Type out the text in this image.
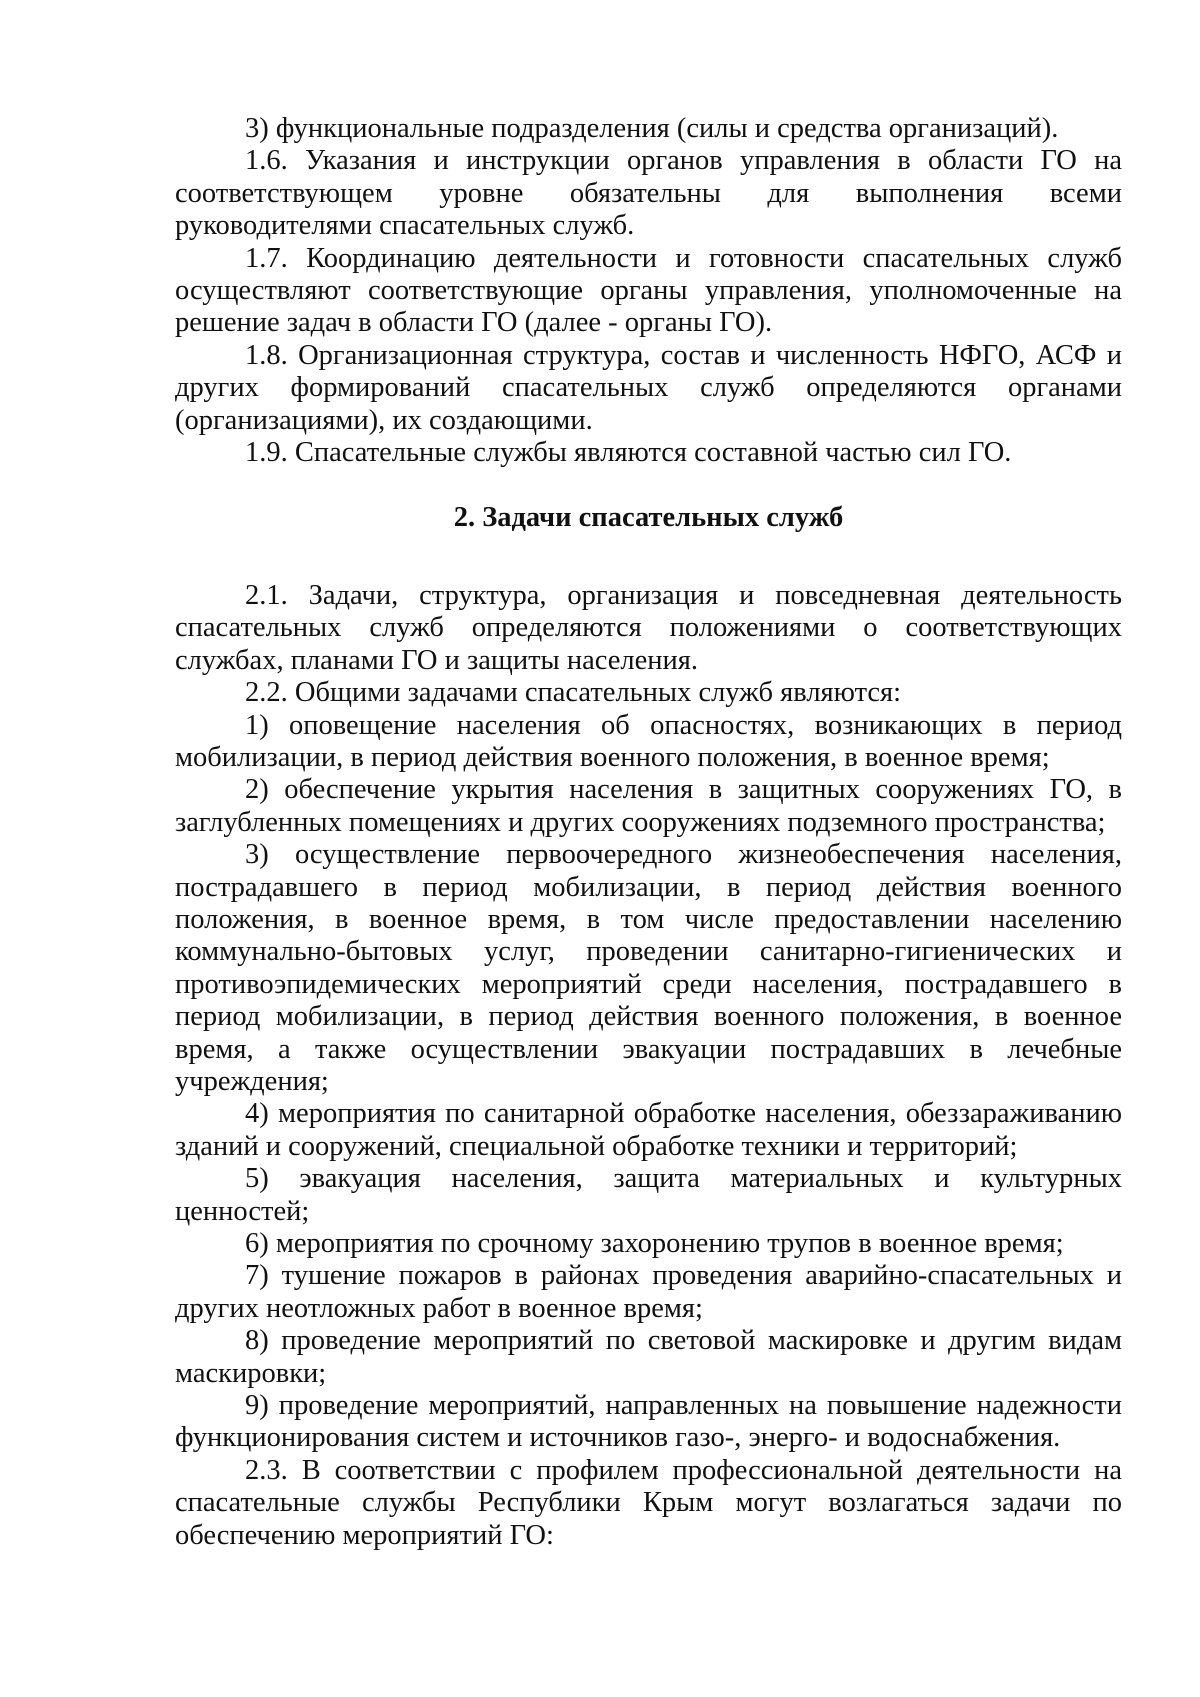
3) функциональные подразделения (силы и средства организаций).

1.6. Указания и инструкции органов управления в области ГО на соответствующем уровне обязательны для выполнения всеми руководителями спасательных служб.

1.7. Координацию деятельности и готовности спасательных служб осуществляют соответствующие органы управления, уполномоченные на решение задач в области ГО (далее - органы ГО).

1.8. Организационная структура, состав и численность НФГО, АСФ и других формирований спасательных служб определяются органами (организациями), их создающими.

1.9. Спасательные службы являются составной частью сил ГО.

2. Задачи спасательных служб

2.1. Задачи, структура, организация и повседневная деятельность спасательных служб определяются положениями о соответствующих службах, планами ГО и защиты населения.

2.2. Общими задачами спасательных служб являются:

1) оповещение населения об опасностях, возникающих в период мобилизации, в период действия военного положения, в военное время;

2) обеспечение укрытия населения в защитных сооружениях ГО, в заглубленных помещениях и других сооружениях подземного пространства;

3) осуществление первоочередного жизнеобеспечения населения, пострадавшего в период мобилизации, в период действия военного положения, в военное время, в том числе предоставлении населению коммунально-бытовых услуг, проведении санитарно-гигиенических и противоэпидемических мероприятий среди населения, пострадавшего в период мобилизации, в период действия военного положения, в военное время, а также осуществлении эвакуации пострадавших в лечебные учреждения;

4) мероприятия по санитарной обработке населения, обеззараживанию зданий и сооружений, специальной обработке техники и территорий;

5) эвакуация населения, защита материальных и культурных ценностей;

6) мероприятия по срочному захоронению трупов в военное время;

7) тушение пожаров в районах проведения аварийно-спасательных и других неотложных работ в военное время;

8) проведение мероприятий по световой маскировке и другим видам маскировки;

9) проведение мероприятий, направленных на повышение надежности функционирования систем и источников газо-, энерго- и водоснабжения.

2.3. В соответствии с профилем профессиональной деятельности на спасательные службы Республики Крым могут возлагаться задачи по обеспечению мероприятий ГО:
